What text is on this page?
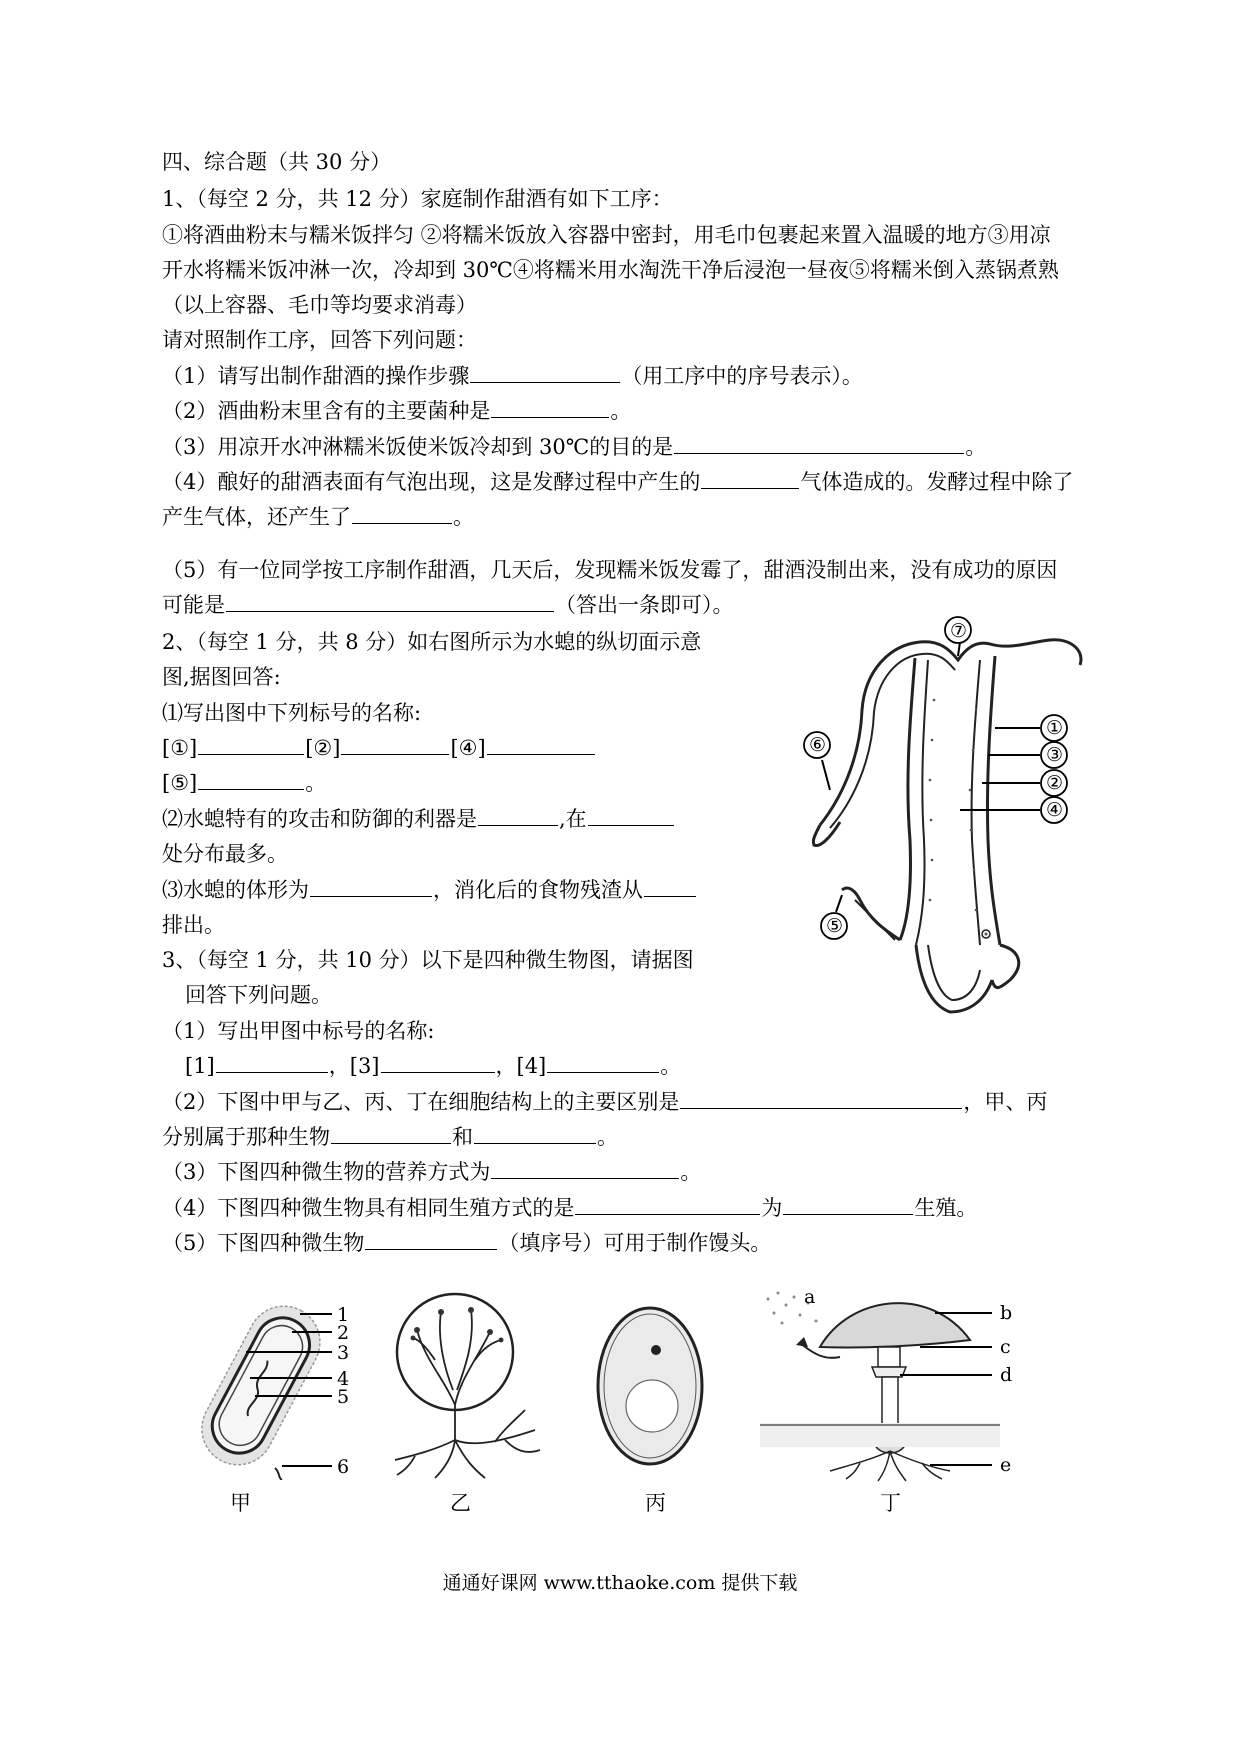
四、综合题（共 30 分）
1、（每空 2 分，共 12 分）家庭制作甜酒有如下工序：
①将酒曲粉末与糯米饭拌匀 ②将糯米饭放入容器中密封，用毛巾包裹起来置入温暖的地方③用凉
开水将糯米饭冲淋一次，冷却到 30℃④将糯米用水淘洗干净后浸泡一昼夜⑤将糯米倒入蒸锅煮熟
（以上容器、毛巾等均要求消毒）
请对照制作工序，回答下列问题：
（1）请写出制作甜酒的操作步骤	（用工序中的序号表示）。
（2）酒曲粉末里含有的主要菌种是	。
（3）用凉开水冲淋糯米饭使米饭冷却到 30℃的目的是	。
（4）酿好的甜酒表面有气泡出现，这是发酵过程中产生的	气体造成的。发酵过程中除了
产生气体，还产生了	。
（5）有一位同学按工序制作甜酒，几天后，发现糯米饭发霉了，甜酒没制出来，没有成功的原因
可能是	（答出一条即可）。
2、（每空 1 分，共 8 分）如右图所示为水螅的纵切面示意
图,据图回答:
⑴写出图中下列标号的名称:
[①]	[②]	[④]
[⑤]	。
⑵水螅特有的攻击和防御的利器是	,在
处分布最多。
⑶水螅的体形为	，消化后的食物残渣从
排出。
⑦
①
③
②
④
⑥
⑤
3、（每空 1 分，共 10 分）以下是四种微生物图，请据图
回答下列问题。
（1）写出甲图中标号的名称:
[1]	，[3]	，[4]	。
（2）下图中甲与乙、丙、丁在细胞结构上的主要区别是	，甲、丙
分别属于那种生物	和	。
（3）下图四种微生物的营养方式为	。
（4）下图四种微生物具有相同生殖方式的是	为	生殖。
（5）下图四种微生物	（填序号）可用于制作馒头。
1
2
3
4
5
6
a
b
c
d
e
甲	乙	丙	丁
通通好课网 www.tthaoke.com 提供下载
